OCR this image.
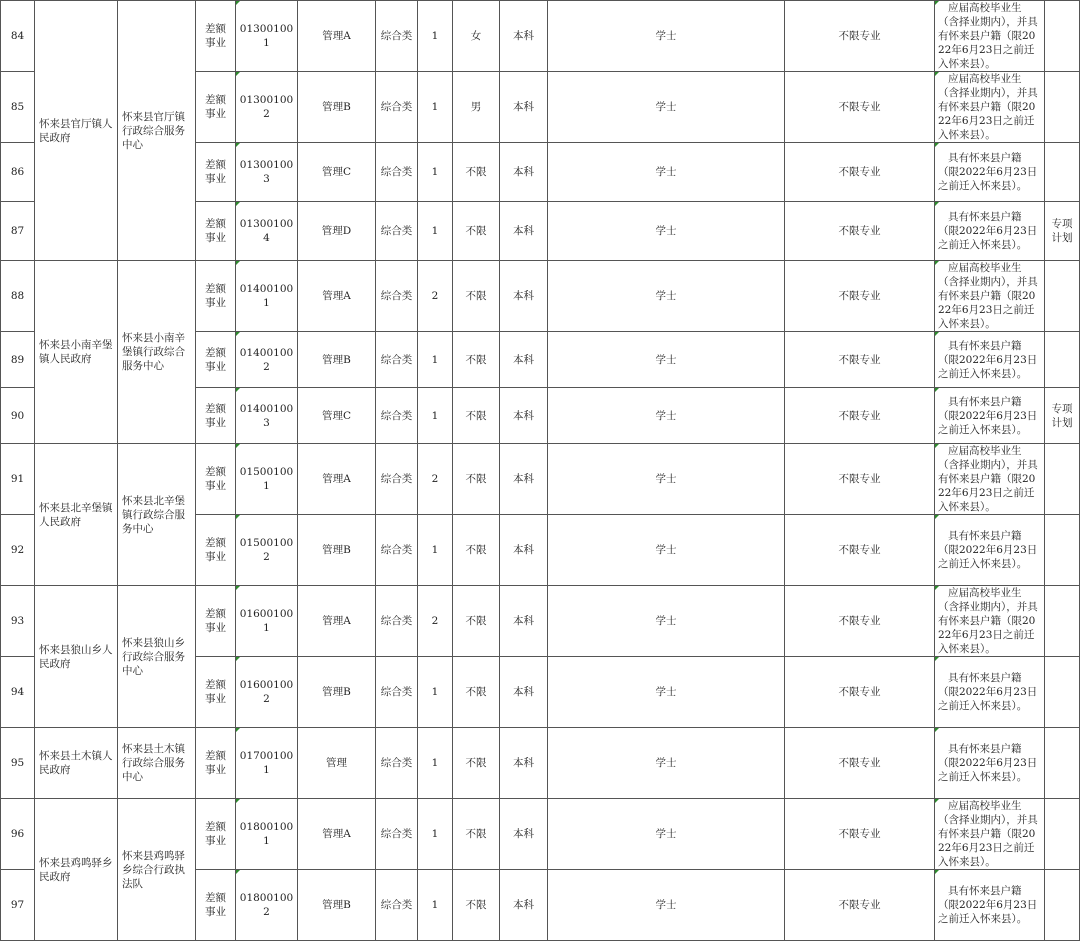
84	怀来县官厅镇人民政府	怀来县官厅镇行政综合服务中心	差额事业	013001001	管理A	综合类	1	女	本科	学士	不限专业	应届高校毕业生（含择业期内），并具有怀来县户籍（限2022年6月23日之前迁入怀来县）。	
85			差额事业	013001002	管理B	综合类	1	男	本科	学士	不限专业	应届高校毕业生（含择业期内），并具有怀来县户籍（限2022年6月23日之前迁入怀来县）。	
86			差额事业	013001003	管理C	综合类	1	不限	本科	学士	不限专业	具有怀来县户籍（限2022年6月23日之前迁入怀来县）。	
87			差额事业	013001004	管理D	综合类	1	不限	本科	学士	不限专业	具有怀来县户籍（限2022年6月23日之前迁入怀来县）。	专项计划
88	怀来县小南辛堡镇人民政府	怀来县小南辛堡镇行政综合服务中心	差额事业	014001001	管理A	综合类	2	不限	本科	学士	不限专业	应届高校毕业生（含择业期内），并具有怀来县户籍（限2022年6月23日之前迁入怀来县）。	
89			差额事业	014001002	管理B	综合类	1	不限	本科	学士	不限专业	具有怀来县户籍（限2022年6月23日之前迁入怀来县）。	
90			差额事业	014001003	管理C	综合类	1	不限	本科	学士	不限专业	具有怀来县户籍（限2022年6月23日之前迁入怀来县）。	专项计划
91	怀来县北辛堡镇人民政府	怀来县北辛堡镇行政综合服务中心	差额事业	015001001	管理A	综合类	2	不限	本科	学士	不限专业	应届高校毕业生（含择业期内），并具有怀来县户籍（限2022年6月23日之前迁入怀来县）。	
92			差额事业	015001002	管理B	综合类	1	不限	本科	学士	不限专业	具有怀来县户籍（限2022年6月23日之前迁入怀来县）。	
93	怀来县狼山乡人民政府	怀来县狼山乡行政综合服务中心	差额事业	016001001	管理A	综合类	2	不限	本科	学士	不限专业	应届高校毕业生（含择业期内），并具有怀来县户籍（限2022年6月23日之前迁入怀来县）。	
94			差额事业	016001002	管理B	综合类	1	不限	本科	学士	不限专业	具有怀来县户籍（限2022年6月23日之前迁入怀来县）。	
95	怀来县土木镇人民政府	怀来县土木镇行政综合服务中心	差额事业	017001001	管理	综合类	1	不限	本科	学士	不限专业	具有怀来县户籍（限2022年6月23日之前迁入怀来县）。	
96	怀来县鸡鸣驿乡民政府	怀来县鸡鸣驿乡综合行政执法队	差额事业	018001001	管理A	综合类	1	不限	本科	学士	不限专业	应届高校毕业生（含择业期内），并具有怀来县户籍（限2022年6月23日之前迁入怀来县）。	
97			差额事业	018001002	管理B	综合类	1	不限	本科	学士	不限专业	具有怀来县户籍（限2022年6月23日之前迁入怀来县）。	
